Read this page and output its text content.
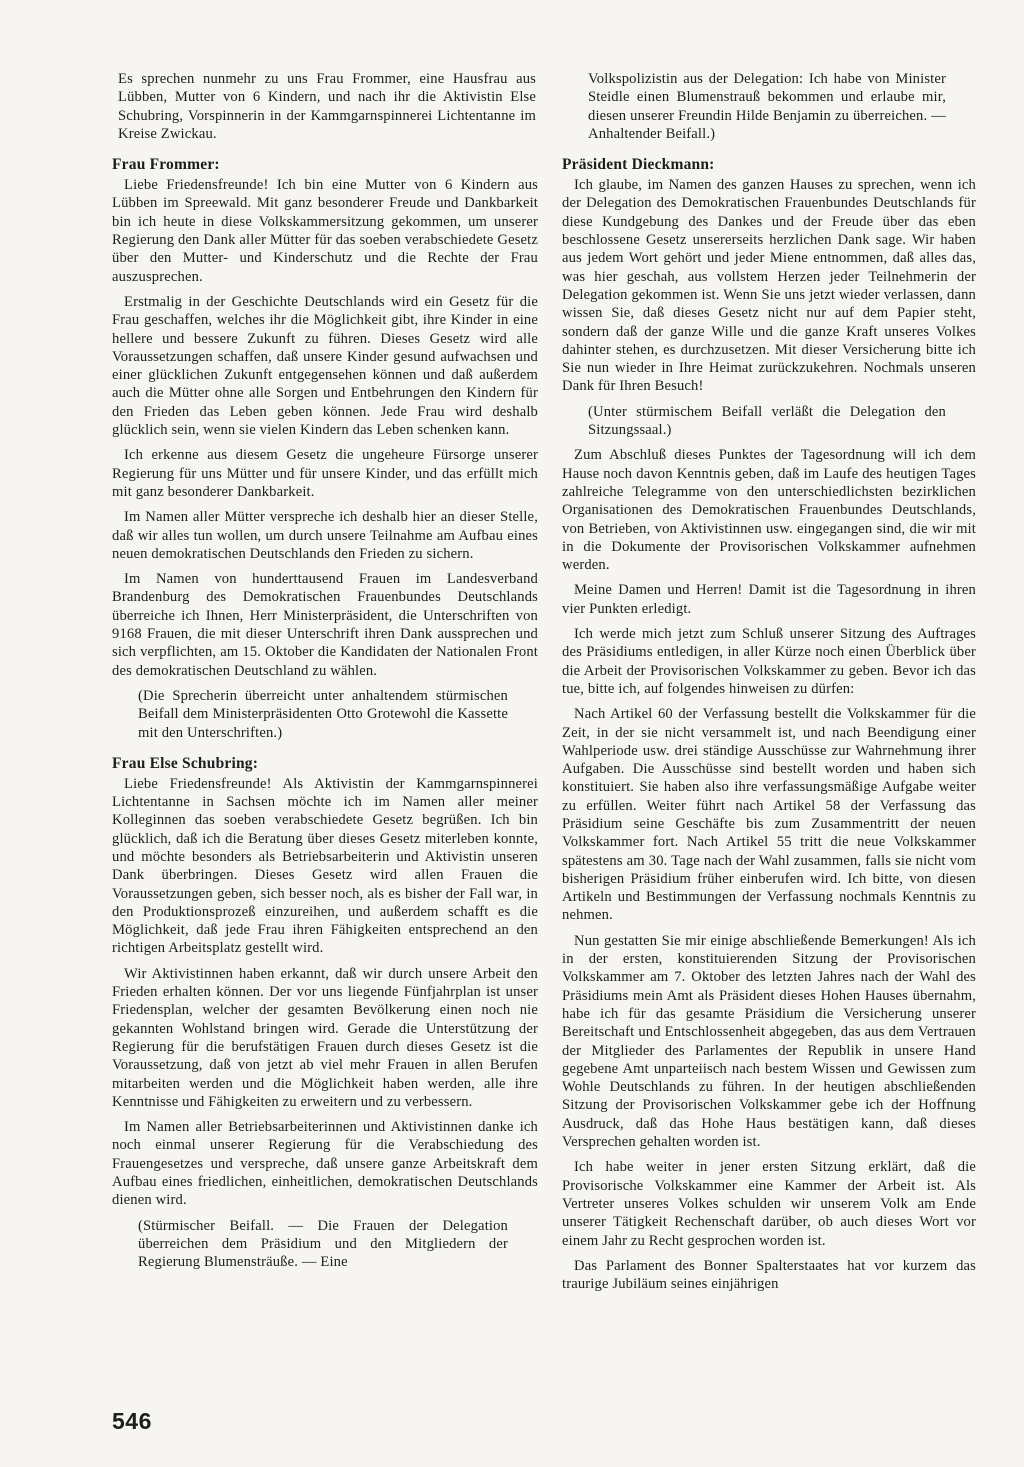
Es sprechen nunmehr zu uns Frau Frommer, eine Hausfrau aus Lübben, Mutter von 6 Kindern, und nach ihr die Aktivistin Else Schubring, Vorspinnerin in der Kammgarnspinnerei Lichtentanne im Kreise Zwickau.

Frau Frommer:

Liebe Friedensfreunde! Ich bin eine Mutter von 6 Kindern aus Lübben im Spreewald. Mit ganz besonderer Freude und Dankbarkeit bin ich heute in diese Volkskammersitzung gekommen, um unserer Regierung den Dank aller Mütter für das soeben verabschiedete Gesetz über den Mutter- und Kinderschutz und die Rechte der Frau auszusprechen.

Erstmalig in der Geschichte Deutschlands wird ein Gesetz für die Frau geschaffen, welches ihr die Möglichkeit gibt, ihre Kinder in eine hellere und bessere Zukunft zu führen. Dieses Gesetz wird alle Voraussetzungen schaffen, daß unsere Kinder gesund aufwachsen und einer glücklichen Zukunft entgegensehen können und daß außerdem auch die Mütter ohne alle Sorgen und Entbehrungen den Kindern für den Frieden das Leben geben können. Jede Frau wird deshalb glücklich sein, wenn sie vielen Kindern das Leben schenken kann.

Ich erkenne aus diesem Gesetz die ungeheure Fürsorge unserer Regierung für uns Mütter und für unsere Kinder, und das erfüllt mich mit ganz besonderer Dankbarkeit.

Im Namen aller Mütter verspreche ich deshalb hier an dieser Stelle, daß wir alles tun wollen, um durch unsere Teilnahme am Aufbau eines neuen demokratischen Deutschlands den Frieden zu sichern.

Im Namen von hunderttausend Frauen im Landesverband Brandenburg des Demokratischen Frauenbundes Deutschlands überreiche ich Ihnen, Herr Ministerpräsident, die Unterschriften von 9168 Frauen, die mit dieser Unterschrift ihren Dank aussprechen und sich verpflichten, am 15. Oktober die Kandidaten der Nationalen Front des demokratischen Deutschland zu wählen.

(Die Sprecherin überreicht unter anhaltendem stürmischen Beifall dem Ministerpräsidenten Otto Grotewohl die Kassette mit den Unterschriften.)

Frau Else Schubring:

Liebe Friedensfreunde! Als Aktivistin der Kammgarnspinnerei Lichtentanne in Sachsen möchte ich im Namen aller meiner Kolleginnen das soeben verabschiedete Gesetz begrüßen. Ich bin glücklich, daß ich die Beratung über dieses Gesetz miterleben konnte, und möchte besonders als Betriebsarbeiterin und Aktivistin unseren Dank überbringen. Dieses Gesetz wird allen Frauen die Voraussetzungen geben, sich besser noch, als es bisher der Fall war, in den Produktionsprozeß einzureihen, und außerdem schafft es die Möglichkeit, daß jede Frau ihren Fähigkeiten entsprechend an den richtigen Arbeitsplatz gestellt wird.

Wir Aktivistinnen haben erkannt, daß wir durch unsere Arbeit den Frieden erhalten können. Der vor uns liegende Fünfjahrplan ist unser Friedensplan, welcher der gesamten Bevölkerung einen noch nie gekannten Wohlstand bringen wird. Gerade die Unterstützung der Regierung für die berufstätigen Frauen durch dieses Gesetz ist die Voraussetzung, daß von jetzt ab viel mehr Frauen in allen Berufen mitarbeiten werden und die Möglichkeit haben werden, alle ihre Kenntnisse und Fähigkeiten zu erweitern und zu verbessern.

Im Namen aller Betriebsarbeiterinnen und Aktivistinnen danke ich noch einmal unserer Regierung für die Verabschiedung des Frauengesetzes und verspreche, daß unsere ganze Arbeitskraft dem Aufbau eines friedlichen, einheitlichen, demokratischen Deutschlands dienen wird.

(Stürmischer Beifall. — Die Frauen der Delegation überreichen dem Präsidium und den Mitgliedern der Regierung Blumensträuße. — Eine

Volkspolizistin aus der Delegation: Ich habe von Minister Steidle einen Blumenstrauß bekommen und erlaube mir, diesen unserer Freundin Hilde Benjamin zu überreichen. — Anhaltender Beifall.)

Präsident Dieckmann:

Ich glaube, im Namen des ganzen Hauses zu sprechen, wenn ich der Delegation des Demokratischen Frauenbundes Deutschlands für diese Kundgebung des Dankes und der Freude über das eben beschlossene Gesetz unsererseits herzlichen Dank sage. Wir haben aus jedem Wort gehört und jeder Miene entnommen, daß alles das, was hier geschah, aus vollstem Herzen jeder Teilnehmerin der Delegation gekommen ist. Wenn Sie uns jetzt wieder verlassen, dann wissen Sie, daß dieses Gesetz nicht nur auf dem Papier steht, sondern daß der ganze Wille und die ganze Kraft unseres Volkes dahinter stehen, es durchzusetzen. Mit dieser Versicherung bitte ich Sie nun wieder in Ihre Heimat zurückzukehren. Nochmals unseren Dank für Ihren Besuch!

(Unter stürmischem Beifall verläßt die Delegation den Sitzungssaal.)

Zum Abschluß dieses Punktes der Tagesordnung will ich dem Hause noch davon Kenntnis geben, daß im Laufe des heutigen Tages zahlreiche Telegramme von den unterschiedlichsten bezirklichen Organisationen des Demokratischen Frauenbundes Deutschlands, von Betrieben, von Aktivistinnen usw. eingegangen sind, die wir mit in die Dokumente der Provisorischen Volkskammer aufnehmen werden.

Meine Damen und Herren! Damit ist die Tagesordnung in ihren vier Punkten erledigt.

Ich werde mich jetzt zum Schluß unserer Sitzung des Auftrages des Präsidiums entledigen, in aller Kürze noch einen Überblick über die Arbeit der Provisorischen Volkskammer zu geben. Bevor ich das tue, bitte ich, auf folgendes hinweisen zu dürfen:

Nach Artikel 60 der Verfassung bestellt die Volkskammer für die Zeit, in der sie nicht versammelt ist, und nach Beendigung einer Wahlperiode usw. drei ständige Ausschüsse zur Wahrnehmung ihrer Aufgaben. Die Ausschüsse sind bestellt worden und haben sich konstituiert. Sie haben also ihre verfassungsmäßige Aufgabe weiter zu erfüllen. Weiter führt nach Artikel 58 der Verfassung das Präsidium seine Geschäfte bis zum Zusammentritt der neuen Volkskammer fort. Nach Artikel 55 tritt die neue Volkskammer spätestens am 30. Tage nach der Wahl zusammen, falls sie nicht vom bisherigen Präsidium früher einberufen wird. Ich bitte, von diesen Artikeln und Bestimmungen der Verfassung nochmals Kenntnis zu nehmen.

Nun gestatten Sie mir einige abschließende Bemerkungen! Als ich in der ersten, konstituierenden Sitzung der Provisorischen Volkskammer am 7. Oktober des letzten Jahres nach der Wahl des Präsidiums mein Amt als Präsident dieses Hohen Hauses übernahm, habe ich für das gesamte Präsidium die Versicherung unserer Bereitschaft und Entschlossenheit abgegeben, das aus dem Vertrauen der Mitglieder des Parlamentes der Republik in unsere Hand gegebene Amt unparteiisch nach bestem Wissen und Gewissen zum Wohle Deutschlands zu führen. In der heutigen abschließenden Sitzung der Provisorischen Volkskammer gebe ich der Hoffnung Ausdruck, daß das Hohe Haus bestätigen kann, daß dieses Versprechen gehalten worden ist.

Ich habe weiter in jener ersten Sitzung erklärt, daß die Provisorische Volkskammer eine Kammer der Arbeit ist. Als Vertreter unseres Volkes schulden wir unserem Volk am Ende unserer Tätigkeit Rechenschaft darüber, ob auch dieses Wort vor einem Jahr zu Recht gesprochen worden ist.

Das Parlament des Bonner Spalterstaates hat vor kurzem das traurige Jubiläum seines einjährigen

546
